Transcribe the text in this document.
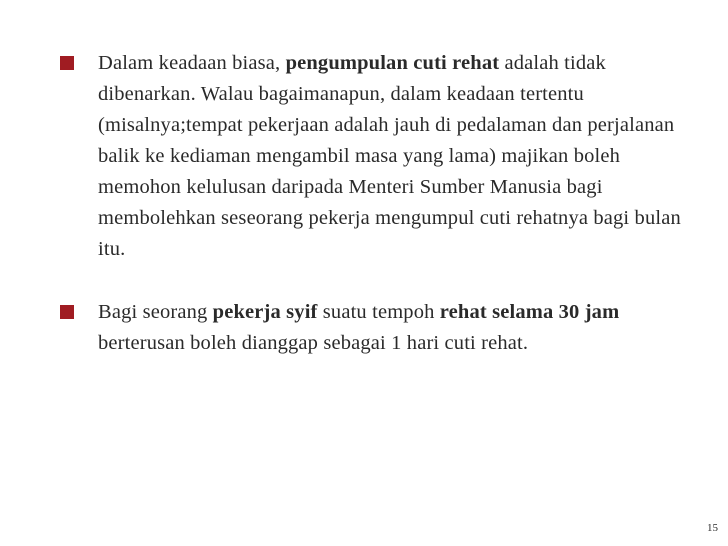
Dalam keadaan biasa, pengumpulan cuti rehat adalah tidak dibenarkan. Walau bagaimanapun, dalam keadaan tertentu (misalnya;tempat pekerjaan adalah jauh di pedalaman dan perjalanan balik ke kediaman mengambil masa yang lama) majikan boleh memohon kelulusan daripada Menteri Sumber Manusia bagi membolehkan seseorang pekerja mengumpul cuti rehatnya bagi bulan itu.
Bagi seorang pekerja syif suatu tempoh rehat selama 30 jam berterusan boleh dianggap sebagai 1 hari cuti rehat.
15
